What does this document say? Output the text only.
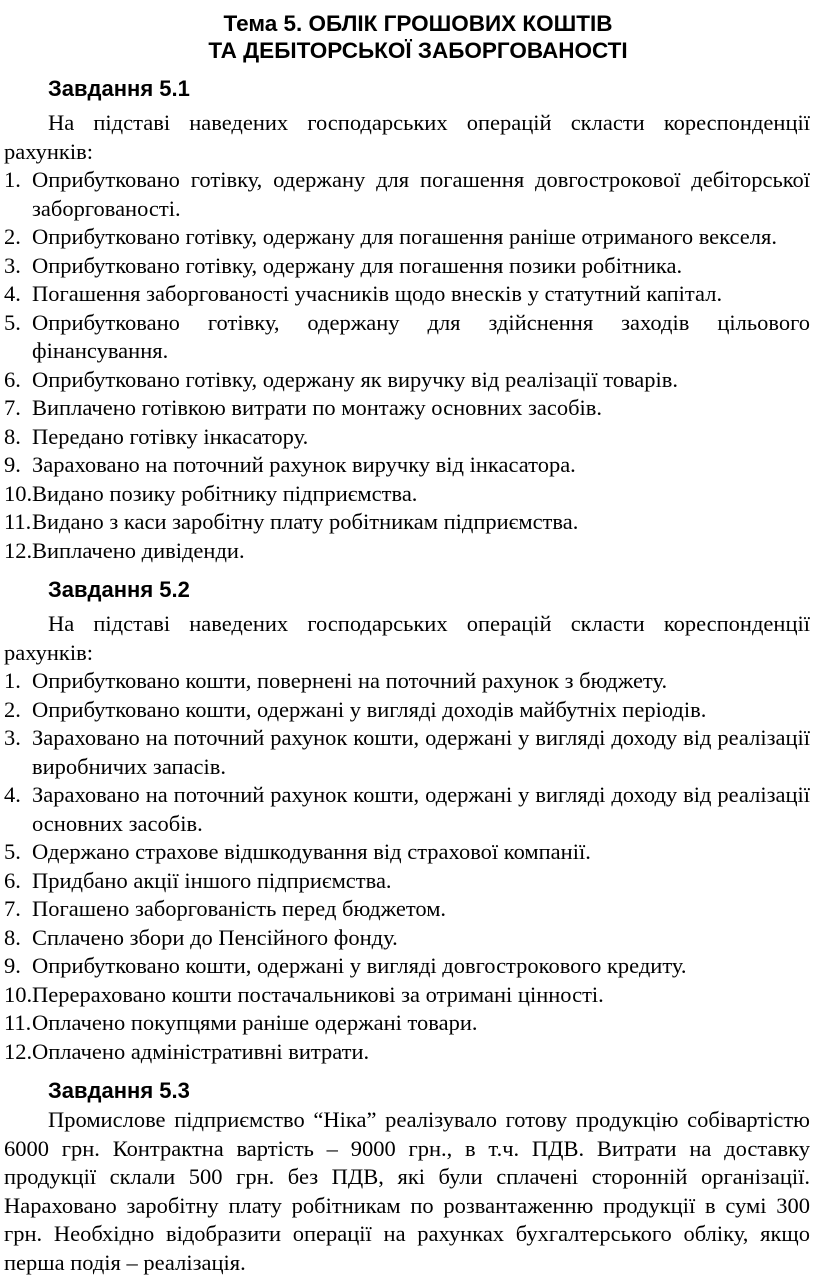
Тема 5. ОБЛІК ГРОШОВИХ КОШТІВ
ТА ДЕБІТОРСЬКОЇ ЗАБОРГОВАНОСТІ
Завдання 5.1

На підставі наведених господарських операцій скласти кореспонденції рахунків:

1. Оприбутковано готівку, одержану для погашення довгострокової дебіторської заборгованості.
2. Оприбутковано готівку, одержану для погашення раніше отриманого векселя.
3. Оприбутковано готівку, одержану для погашення позики робітника.
4. Погашення заборгованості учасників щодо внесків у статутний капітал.
5. Оприбутковано готівку, одержану для здійснення заходів цільового фінансування.
6. Оприбутковано готівку, одержану як виручку від реалізації товарів.
7. Виплачено готівкою витрати по монтажу основних засобів.
8. Передано готівку інкасатору.
9. Зараховано на поточний рахунок виручку від інкасатора.
10. Видано позику робітнику підприємства.
11. Видано з каси заробітну плату робітникам підприємства.
12. Виплачено дивіденди.
Завдання 5.2

На підставі наведених господарських операцій скласти кореспонденції рахунків:

1. Оприбутковано кошти, повернені на поточний рахунок з бюджету.
2. Оприбутковано кошти, одержані у вигляді доходів майбутніх періодів.
3. Зараховано на поточний рахунок кошти, одержані у вигляді доходу від реалізації виробничих запасів.
4. Зараховано на поточний рахунок кошти, одержані у вигляді доходу від реалізації основних засобів.
5. Одержано страхове відшкодування від страхової компанії.
6. Придбано акції іншого підприємства.
7. Погашено заборгованість перед бюджетом.
8. Сплачено збори до Пенсійного фонду.
9. Оприбутковано кошти, одержані у вигляді довгострокового кредиту.
10. Перераховано кошти постачальникові за отримані цінності.
11. Оплачено покупцями раніше одержані товари.
12. Оплачено адміністративні витрати.
Завдання 5.3

Промислове підприємство “Ніка” реалізувало готову продукцію собівартістю 6000 грн. Контрактна вартість – 9000 грн., в т.ч. ПДВ. Витрати на доставку продукції склали 500 грн. без ПДВ, які були сплачені сторонній організації. Нараховано заробітну плату робітникам по розвантаженню продукції в сумі 300 грн. Необхідно відобразити операції на рахунках бухгалтерського обліку, якщо перша подія – реалізація.
